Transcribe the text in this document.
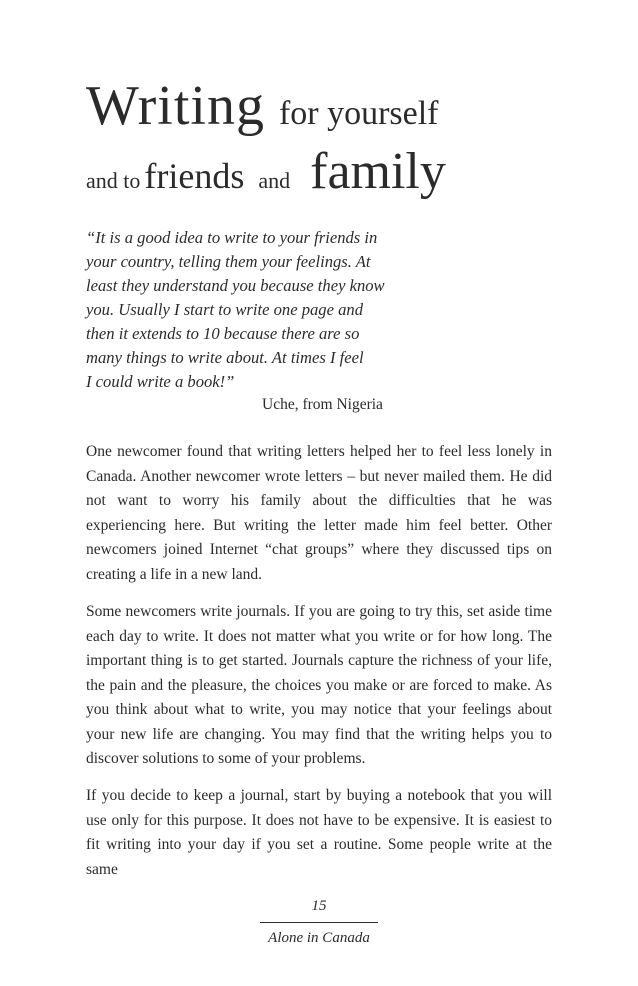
Writing for yourself
and to friends and family
“It is a good idea to write to your friends in
your country, telling them your feelings. At
least they understand you because they know
you. Usually I start to write one page and
then it extends to 10 because there are so
many things to write about. At times I feel
I could write a book!”
Uche, from Nigeria
One newcomer found that writing letters helped her to feel less lonely in Canada. Another newcomer wrote letters – but never mailed them. He did not want to worry his family about the difficulties that he was experiencing here. But writing the letter made him feel better. Other newcomers joined Internet “chat groups” where they discussed tips on creating a life in a new land.
Some newcomers write journals. If you are going to try this, set aside time each day to write. It does not matter what you write or for how long. The important thing is to get started. Journals capture the richness of your life, the pain and the pleasure, the choices you make or are forced to make. As you think about what to write, you may notice that your feelings about your new life are changing. You may find that the writing helps you to discover solutions to some of your problems.
If you decide to keep a journal, start by buying a notebook that you will use only for this purpose. It does not have to be expensive. It is easiest to fit writing into your day if you set a routine. Some people write at the same
15
Alone in Canada
